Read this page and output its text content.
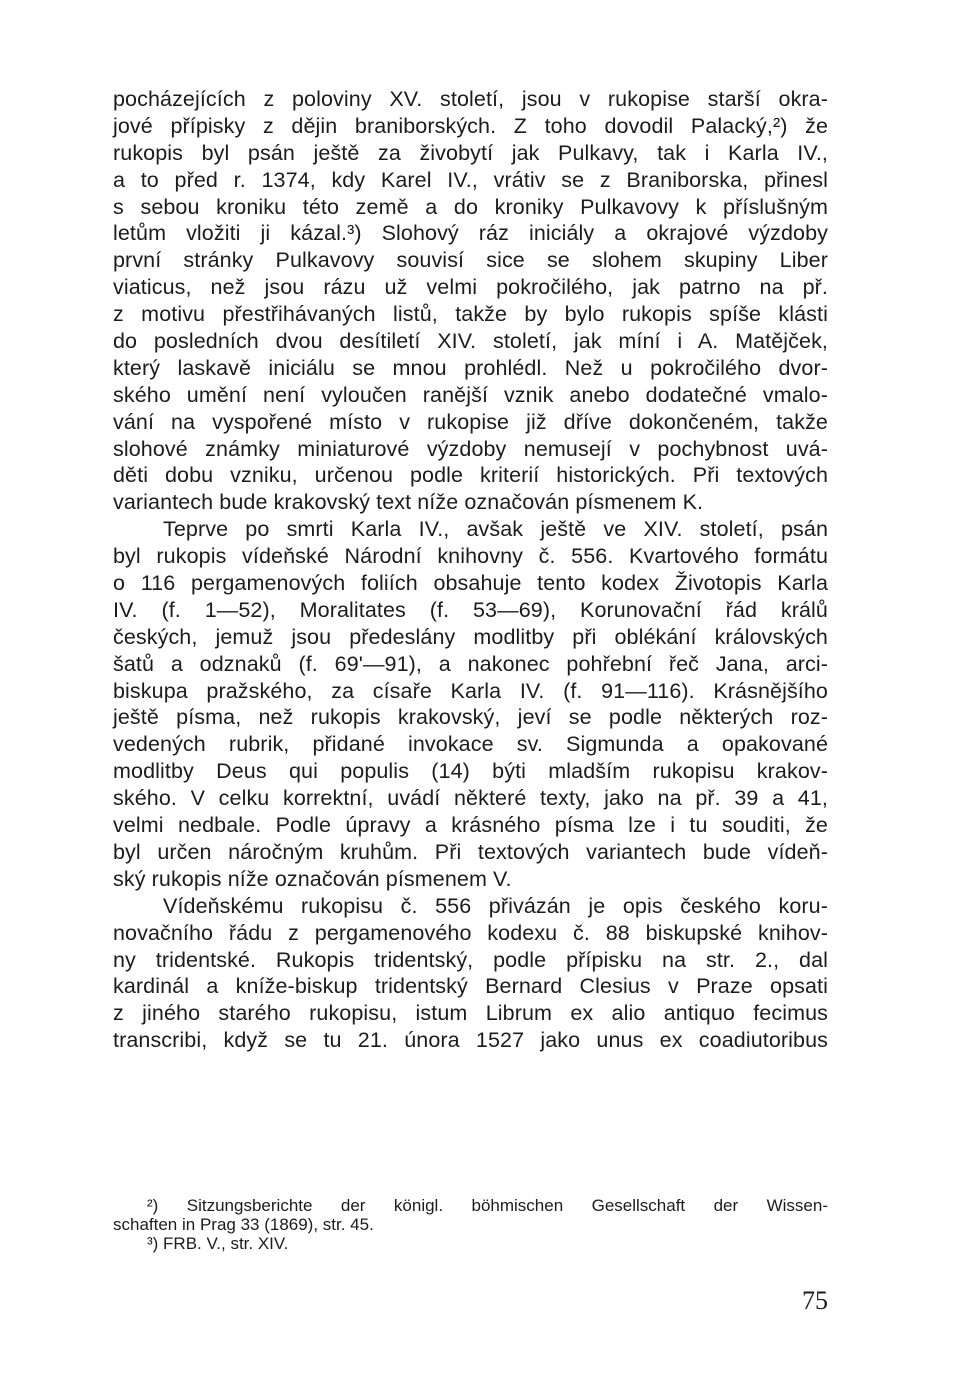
pocházejících z poloviny XV. století, jsou v rukopise starší okra-
jové přípisky z dějin braniborských. Z toho dovodil Palacký,²) že
rukopis byl psán ještě za živobytí jak Pulkavy, tak i Karla IV.,
a to před r. 1374, kdy Karel IV., vrátiv se z Braniborska, přinesl
s sebou kroniku této země a do kroniky Pulkavovy k příslušným
letům vložiti ji kázal.³) Slohový ráz iniciály a okrajové výzdoby
první stránky Pulkavovy souvisí sice se slohem skupiny Liber
viaticus, než jsou rázu už velmi pokročilého, jak patrno na př.
z motivu přestřihávaných listů, takže by bylo rukopis spíše klásti
do posledních dvou desítiletí XIV. století, jak míní i A. Matějček,
který laskavě iniciálu se mnou prohlédl. Než u pokročilého dvor-
ského umění není vyloučen ranější vznik anebo dodatečné vmalo-
vání na vyspořené místo v rukopise již dříve dokončeném, takže
slohové známky miniaturové výzdoby nemusejí v pochybnost uvá-
děti dobu vzniku, určenou podle kriterií historických. Při textových
variantech bude krakovský text níže označován písmenem K.
Teprve po smrti Karla IV., avšak ještě ve XIV. století, psán
byl rukopis vídeňské Národní knihovny č. 556. Kvartového formátu
o 116 pergamenových foliích obsahuje tento kodex Životopis Karla
IV. (f. 1—52), Moralitates (f. 53—69), Korunovační řád králů
českých, jemuž jsou předeslány modlitby při oblékání královských
šatů a odznaků (f. 69'—91), a nakonec pohřební řeč Jana, arci-
biskupa pražského, za císaře Karla IV. (f. 91—116). Krásnějšího
ještě písma, než rukopis krakovský, jeví se podle některých roz-
vedených rubrik, přidané invokace sv. Sigmunda a opakované
modlitby Deus qui populis (14) býti mladším rukopisu krakov-
ského. V celku korrektní, uvádí některé texty, jako na př. 39 a 41,
velmi nedbale. Podle úpravy a krásného písma lze i tu souditi, že
byl určen náročným kruhům. Při textových variantech bude vídeň-
ský rukopis níže označován písmenem V.
Vídeňskému rukopisu č. 556 přivázán je opis českého koru-
novačního řádu z pergamenového kodexu č. 88 biskupské knihov-
ny tridentské. Rukopis tridentský, podle přípisku na str. 2., dal
kardinál a kníže-biskup tridentský Bernard Clesius v Praze opsati
z jiného starého rukopisu, istum Librum ex alio antiquo fecimus
transcribi, když se tu 21. února 1527 jako unus ex coadiutoribus
²) Sitzungsberichte der königl. böhmischen Gesellschaft der Wissen-
schaften in Prag 33 (1869), str. 45.
³) FRB. V., str. XIV.
75
